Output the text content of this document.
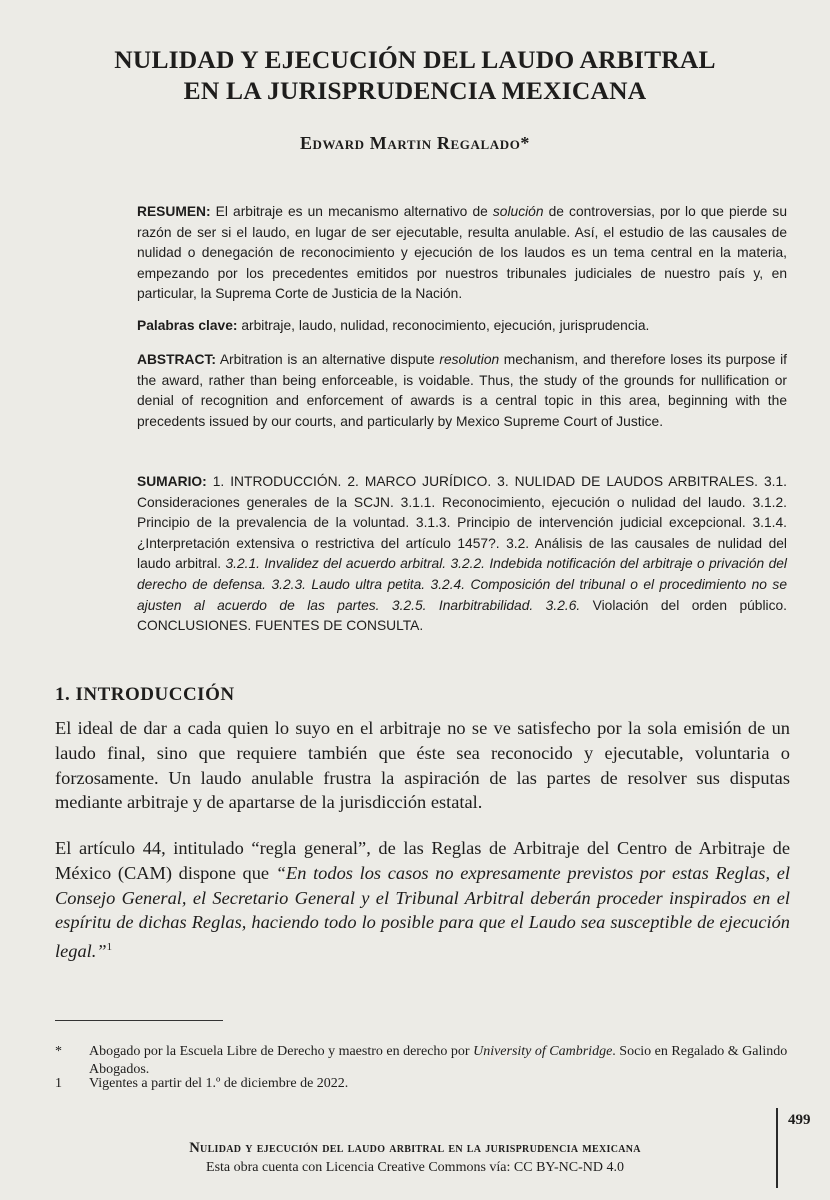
NULIDAD Y EJECUCIÓN DEL LAUDO ARBITRAL
EN LA JURISPRUDENCIA MEXICANA
Edward Martin Regalado*
RESUMEN: El arbitraje es un mecanismo alternativo de solución de controversias, por lo que pierde su razón de ser si el laudo, en lugar de ser ejecutable, resulta anulable. Así, el estudio de las causales de nulidad o denegación de reconocimiento y ejecución de los laudos es un tema central en la materia, empezando por los precedentes emitidos por nuestros tribunales judiciales de nuestro país y, en particular, la Suprema Corte de Justicia de la Nación.
Palabras clave: arbitraje, laudo, nulidad, reconocimiento, ejecución, jurisprudencia.
ABSTRACT: Arbitration is an alternative dispute resolution mechanism, and therefore loses its purpose if the award, rather than being enforceable, is voidable. Thus, the study of the grounds for nullification or denial of recognition and enforcement of awards is a central topic in this area, beginning with the precedents issued by our courts, and particularly by Mexico Supreme Court of Justice.
SUMARIO: 1. INTRODUCCIÓN. 2. MARCO JURÍDICO. 3. NULIDAD DE LAUDOS ARBITRALES. 3.1. Consideraciones generales de la SCJN. 3.1.1. Reconocimiento, ejecución o nulidad del laudo. 3.1.2. Principio de la prevalencia de la voluntad. 3.1.3. Principio de intervención judicial excepcional. 3.1.4. ¿Interpretación extensiva o restrictiva del artículo 1457?. 3.2. Análisis de las causales de nulidad del laudo arbitral. 3.2.1. Invalidez del acuerdo arbitral. 3.2.2. Indebida notificación del arbitraje o privación del derecho de defensa. 3.2.3. Laudo ultra petita. 3.2.4. Composición del tribunal o el procedimiento no se ajusten al acuerdo de las partes. 3.2.5. Inarbitrabilidad. 3.2.6. Violación del orden público. CONCLUSIONES. FUENTES DE CONSULTA.
1. INTRODUCCIÓN
El ideal de dar a cada quien lo suyo en el arbitraje no se ve satisfecho por la sola emisión de un laudo final, sino que requiere también que éste sea reconocido y ejecutable, voluntaria o forzosamente. Un laudo anulable frustra la aspiración de las partes de resolver sus disputas mediante arbitraje y de apartarse de la jurisdicción estatal.
El artículo 44, intitulado “regla general”, de las Reglas de Arbitraje del Centro de Arbitraje de México (CAM) dispone que “En todos los casos no expresamente previstos por estas Reglas, el Consejo General, el Secretario General y el Tribunal Arbitral deberán proceder inspirados en el espíritu de dichas Reglas, haciendo todo lo posible para que el Laudo sea susceptible de ejecución legal.”$^1$
* Abogado por la Escuela Libre de Derecho y maestro en derecho por University of Cambridge. Socio en Regalado & Galindo Abogados.
1 Vigentes a partir del 1.º de diciembre de 2022.
Nulidad y ejecución del laudo arbitral en la jurisprudencia mexicana
Esta obra cuenta con Licencia Creative Commons vía: CC BY-NC-ND 4.0
499
